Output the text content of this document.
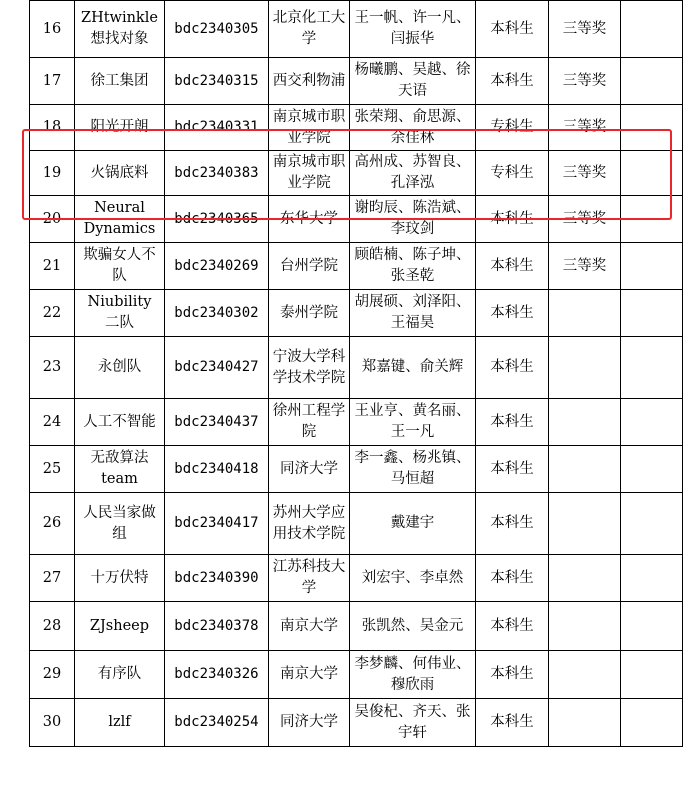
16	ZHtwinkle 想找对象	bdc2340305	北京化工大学	王一帆、许一凡、闫振华	本科生	三等奖	
17	徐工集团	bdc2340315	西交利物浦	杨曦鹏、吴越、徐天语	本科生	三等奖	
18	阳光开朗	bdc2340331	南京城市职业学院	张荣翔、俞思源、余佳林	专科生	三等奖	
19	火锅底料	bdc2340383	南京城市职业学院	高州成、苏智良、孔泽泓	专科生	三等奖	
20	Neural Dynamics	bdc2340365	东华大学	谢昀辰、陈浩斌、李玟剑	本科生	三等奖	
21	欺骗女人不队	bdc2340269	台州学院	顾皓楠、陈子坤、张圣乾	本科生	三等奖	
22	Niubility 二队	bdc2340302	泰州学院	胡展硕、刘泽阳、王福昊	本科生		
23	永创队	bdc2340427	宁波大学科学技术学院	郑嘉键、俞关辉	本科生		
24	人工不智能	bdc2340437	徐州工程学院	王业亨、黄名丽、王一凡	本科生		
25	无敌算法 team	bdc2340418	同济大学	李一鑫、杨兆镇、马恒超	本科生		
26	人民当家做组	bdc2340417	苏州大学应用技术学院	戴建宇	本科生		
27	十万伏特	bdc2340390	江苏科技大学	刘宏宇、李卓然	本科生		
28	ZJsheep	bdc2340378	南京大学	张凯然、吴金元	本科生		
29	有序队	bdc2340326	南京大学	李梦麟、何伟业、穆欣雨	本科生		
30	lzlf	bdc2340254	同济大学	吴俊杞、齐天、张宇轩	本科生		
